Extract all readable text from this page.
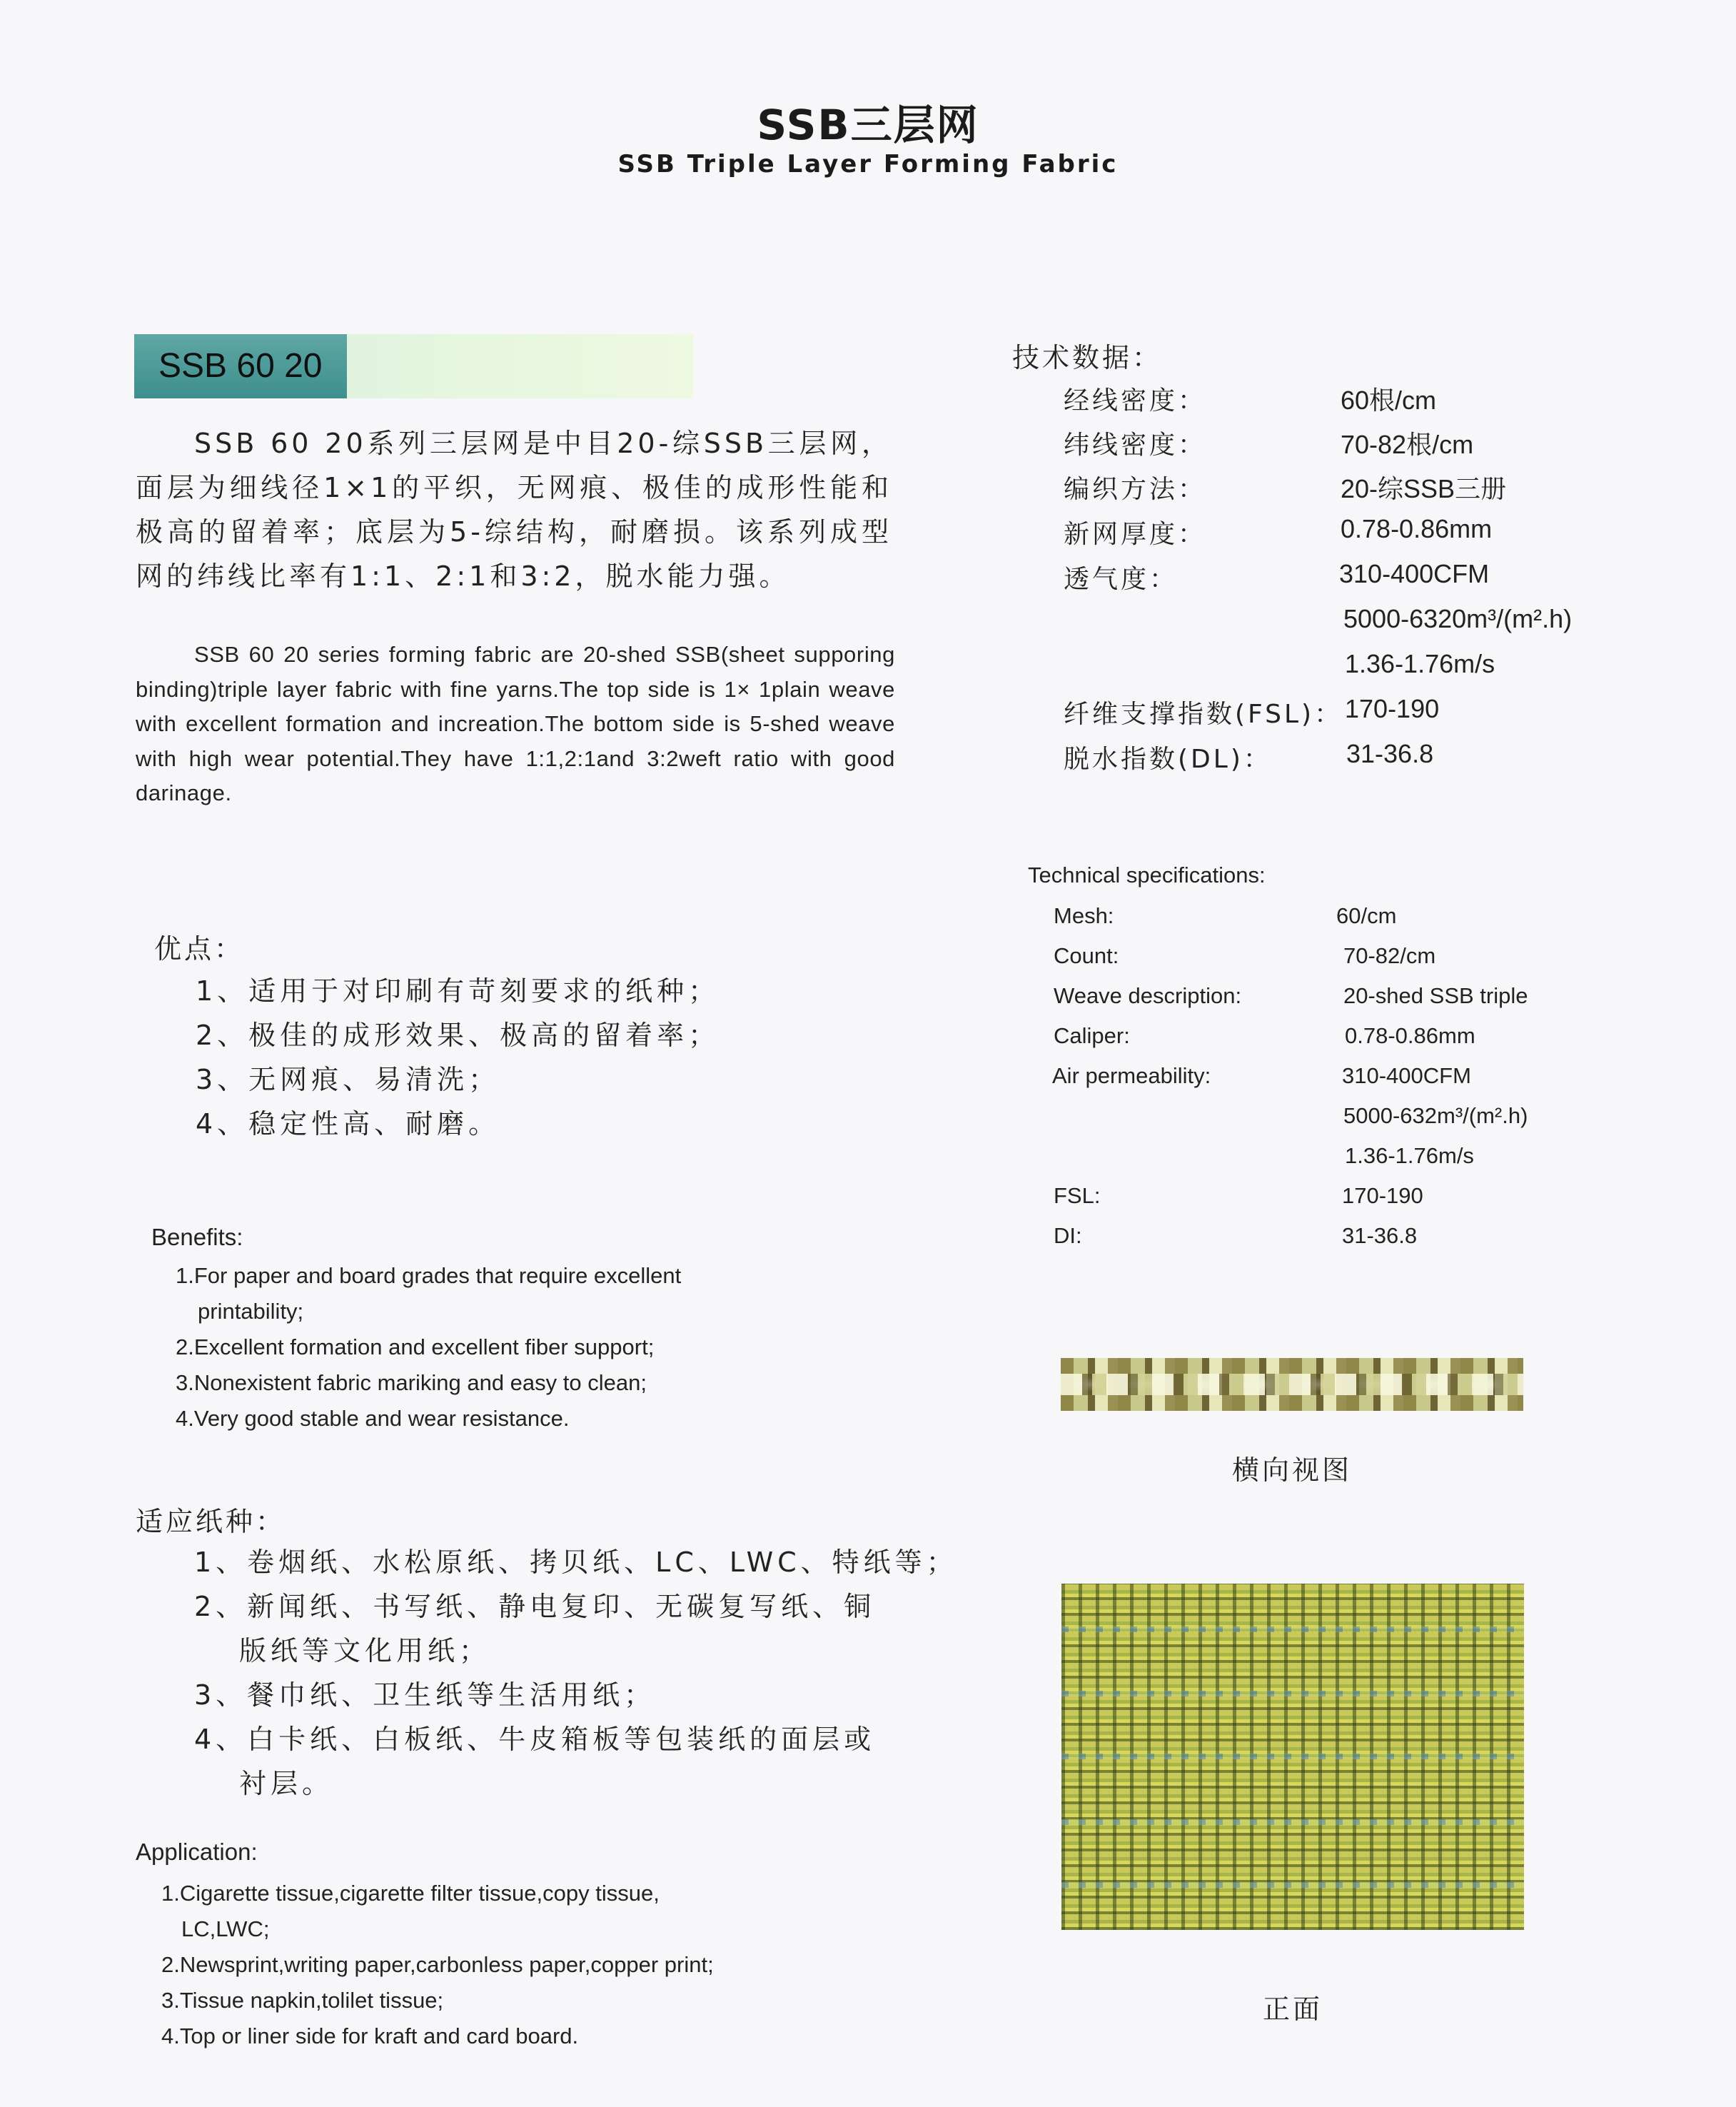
SSB三层网
SSB Triple Layer Forming Fabric
SSB 60 20

SSB 60 20系列三层网是中目20-综SSB三层网，面层为细线径1×1的平织，无网痕、极佳的成形性能和极高的留着率；底层为5-综结构，耐磨损。该系列成型网的纬线比率有1:1、2:1和3:2，脱水能力强。

SSB 60 20 series forming fabric are 20-shed SSB(sheet supporing binding)triple layer fabric with fine yarns.The top side is 1× 1plain weave with excellent formation and increation.The bottom side is 5-shed weave with high wear potential.They have 1:1,2:1and 3:2weft ratio with good darinage.

优点：
1、适用于对印刷有苛刻要求的纸种；
2、极佳的成形效果、极高的留着率；
3、无网痕、易清洗；
4、稳定性高、耐磨。
Benefits:
1.For paper and board grades that require excellent
printability;
2.Excellent formation and excellent fiber support;
3.Nonexistent fabric mariking and easy to clean;
4.Very good stable and wear resistance.
适应纸种：
1、卷烟纸、水松原纸、拷贝纸、LC、LWC、特纸等；
2、新闻纸、书写纸、静电复印、无碳复写纸、铜
版纸等文化用纸；
3、餐巾纸、卫生纸等生活用纸；
4、白卡纸、白板纸、牛皮箱板等包装纸的面层或
衬层。
Application:
1.Cigarette tissue,cigarette filter tissue,copy tissue,
LC,LWC;
2.Newsprint,writing paper,carbonless paper,copper print;
3.Tissue napkin,tolilet tissue;
4.Top or liner side for kraft and card board.
技术数据：
经线密度：	60根/cm
纬线密度：	70-82根/cm
编织方法：	20-综SSB三册
新网厚度：	0.78-0.86mm
透气度：	310-400CFM
5000-6320m³/(m².h)
1.36-1.76m/s
纤维支撑指数(FSL)： 170-190
脱水指数(DL)：	31-36.8
Technical specifications:
Mesh:	60/cm
Count:	70-82/cm
Weave description:	20-shed SSB triple
Caliper:	0.78-0.86mm
Air permeability:	310-400CFM
5000-632m³/(m².h)
1.36-1.76m/s
FSL:	170-190
DI:	31-36.8
横向视图
正面
